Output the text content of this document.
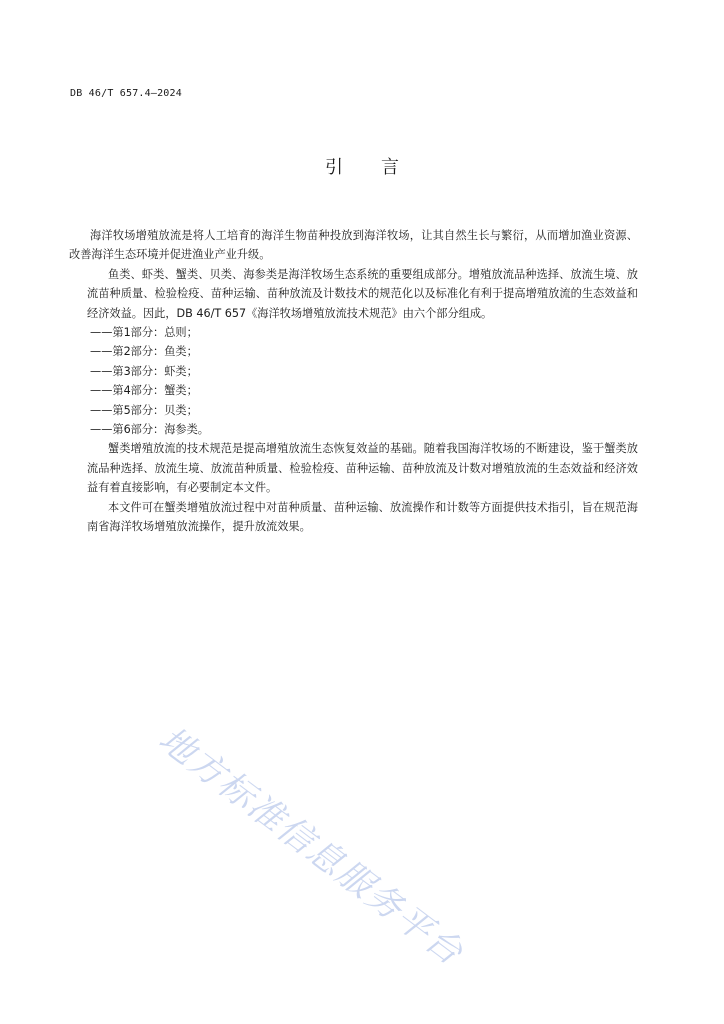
DB 46/T 657.4—2024
引言

海洋牧场增殖放流是将人工培育的海洋生物苗种投放到海洋牧场，让其自然生长与繁衍，从而增加渔业资源、改善海洋生态环境并促进渔业产业升级。

鱼类、虾类、蟹类、贝类、海参类是海洋牧场生态系统的重要组成部分。增殖放流品种选择、放流生境、放流苗种质量、检验检疫、苗种运输、苗种放流及计数技术的规范化以及标准化有利于提高增殖放流的生态效益和经济效益。因此，DB 46/T 657《海洋牧场增殖放流技术规范》由六个部分组成。

——第1部分：总则；

——第2部分：鱼类；

——第3部分：虾类；

——第4部分：蟹类；

——第5部分：贝类；

——第6部分：海参类。

蟹类增殖放流的技术规范是提高增殖放流生态恢复效益的基础。随着我国海洋牧场的不断建设，鉴于蟹类放流品种选择、放流生境、放流苗种质量、检验检疫、苗种运输、苗种放流及计数对增殖放流的生态效益和经济效益有着直接影响，有必要制定本文件。

本文件可在蟹类增殖放流过程中对苗种质量、苗种运输、放流操作和计数等方面提供技术指引，旨在规范海南省海洋牧场增殖放流操作，提升放流效果。

地方标准信息服务平台
